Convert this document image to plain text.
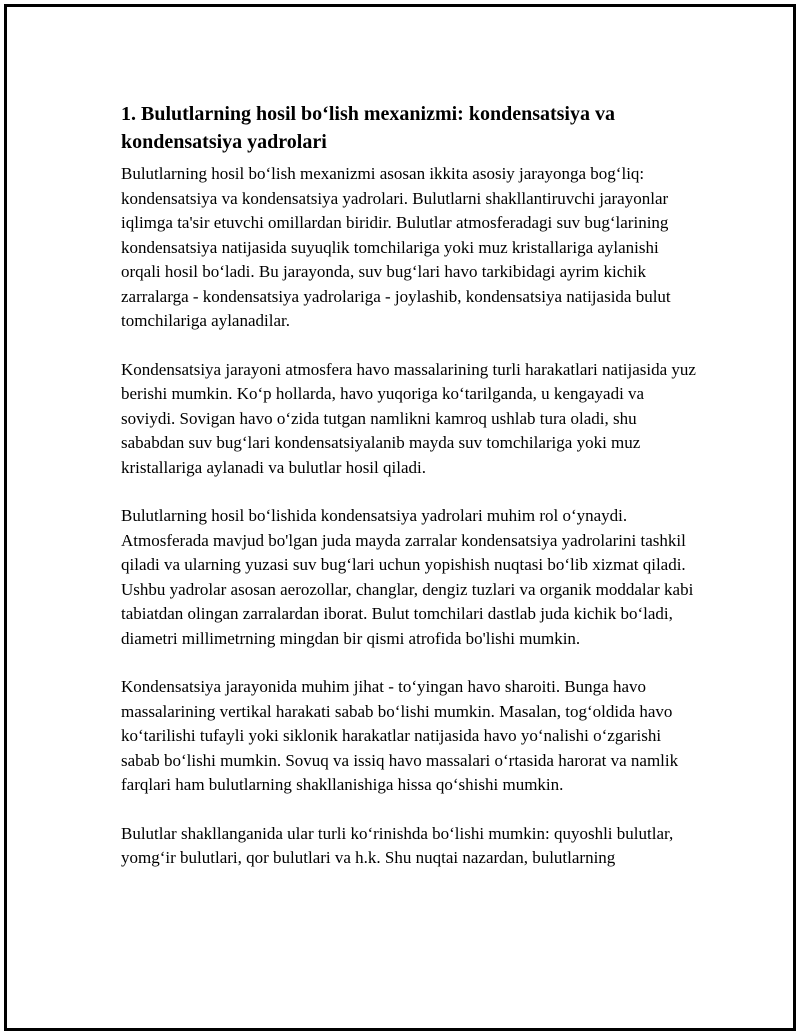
1. Bulutlarning hosil bo‘lish mexanizmi: kondensatsiya va kondensatsiya yadrolari

Bulutlarning hosil bo‘lish mexanizmi asosan ikkita asosiy jarayonga bog‘liq: kondensatsiya va kondensatsiya yadrolari. Bulutlarni shakllantiruvchi jarayonlar iqlimga ta'sir etuvchi omillardan biridir. Bulutlar atmosferadagi suv bug‘larining kondensatsiya natijasida suyuqlik tomchilariga yoki muz kristallariga aylanishi orqali hosil bo‘ladi. Bu jarayonda, suv bug‘lari havo tarkibidagi ayrim kichik zarralarga - kondensatsiya yadrolariga - joylashib, kondensatsiya natijasida bulut tomchilariga aylanadilar.

Kondensatsiya jarayoni atmosfera havo massalarining turli harakatlari natijasida yuz berishi mumkin. Ko‘p hollarda, havo yuqoriga ko‘tarilganda, u kengayadi va soviydi. Sovigan havo o‘zida tutgan namlikni kamroq ushlab tura oladi, shu sababdan suv bug‘lari kondensatsiyalanib mayda suv tomchilariga yoki muz kristallariga aylanadi va bulutlar hosil qiladi.

Bulutlarning hosil bo‘lishida kondensatsiya yadrolari muhim rol o‘ynaydi. Atmosferada mavjud bo'lgan juda mayda zarralar kondensatsiya yadrolarini tashkil qiladi va ularning yuzasi suv bug‘lari uchun yopishish nuqtasi bo‘lib xizmat qiladi. Ushbu yadrolar asosan aerozollar, changlar, dengiz tuzlari va organik moddalar kabi tabiatdan olingan zarralardan iborat. Bulut tomchilari dastlab juda kichik bo‘ladi, diametri millimetrning mingdan bir qismi atrofida bo'lishi mumkin.

Kondensatsiya jarayonida muhim jihat - to‘yingan havo sharoiti. Bunga havo massalarining vertikal harakati sabab bo‘lishi mumkin. Masalan, tog‘oldida havo ko‘tarilishi tufayli yoki siklonik harakatlar natijasida havo yo‘nalishi o‘zgarishi sabab bo‘lishi mumkin. Sovuq va issiq havo massalari o‘rtasida harorat va namlik farqlari ham bulutlarning shakllanishiga hissa qo‘shishi mumkin.

Bulutlar shakllanganida ular turli ko‘rinishda bo‘lishi mumkin: quyoshli bulutlar, yomg‘ir bulutlari, qor bulutlari va h.k. Shu nuqtai nazardan, bulutlarning
